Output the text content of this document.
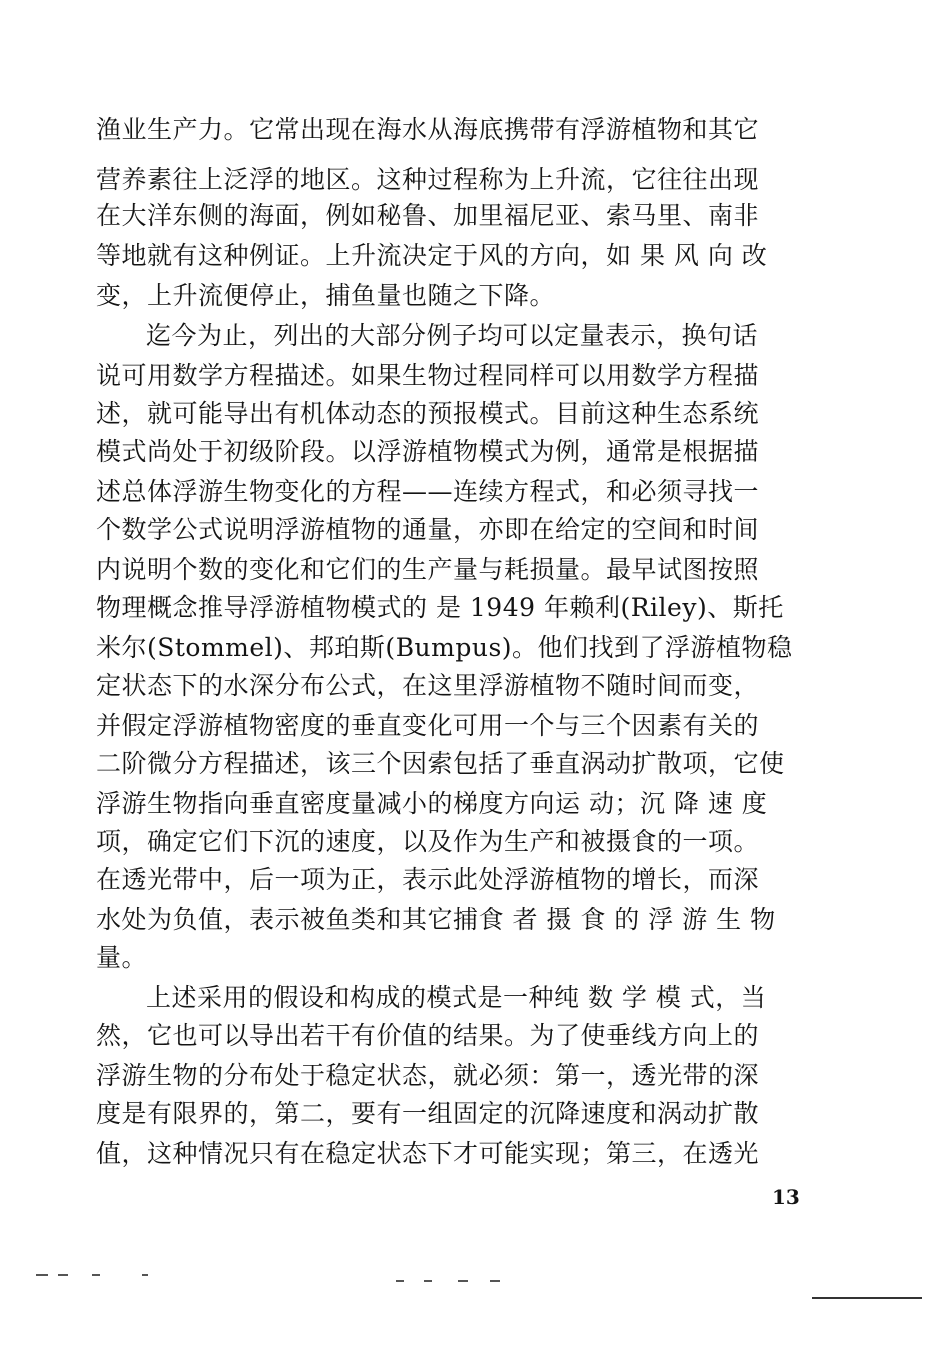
渔业生产力。它常出现在海水从海底携带有浮游植物和其它
营养素往上泛浮的地区。这种过程称为上升流，它往往出现
在大洋东侧的海面，例如秘鲁、加里福尼亚、索马里、南非
等地就有这种例证。上升流决定于风的方向，如 果 风 向 改
变，上升流便停止，捕鱼量也随之下降。
迄今为止，列出的大部分例子均可以定量表示，换句话
说可用数学方程描述。如果生物过程同样可以用数学方程描
述，就可能导出有机体动态的预报模式。目前这种生态系统
模式尚处于初级阶段。以浮游植物模式为例，通常是根据描
述总体浮游生物变化的方程——连续方程式，和必须寻找一
个数学公式说明浮游植物的通量，亦即在给定的空间和时间
内说明个数的变化和它们的生产量与耗损量。最早试图按照
物理概念推导浮游植物模式的 是 1949 年赖利(Riley)、斯托
米尔(Stommel)、邦珀斯(Bumpus)。他们找到了浮游植物稳
定状态下的水深分布公式，在这里浮游植物不随时间而变，
并假定浮游植物密度的垂直变化可用一个与三个因素有关的
二阶微分方程描述，该三个因索包括了垂直涡动扩散项，它使
浮游生物指向垂直密度量减小的梯度方向运 动；沉 降 速 度
项，确定它们下沉的速度，以及作为生产和被摄食的一项。
在透光带中，后一项为正，表示此处浮游植物的增长，而深
水处为负值，表示被鱼类和其它捕食 者 摄 食 的 浮 游 生 物
量。
上述采用的假设和构成的模式是一种纯 数 学 模 式，当
然，它也可以导出若干有价值的结果。为了使垂线方向上的
浮游生物的分布处于稳定状态，就必须：第一，透光带的深
度是有限界的，第二，要有一组固定的沉降速度和涡动扩散
值，这种情况只有在稳定状态下才可能实现；第三，在透光
13
